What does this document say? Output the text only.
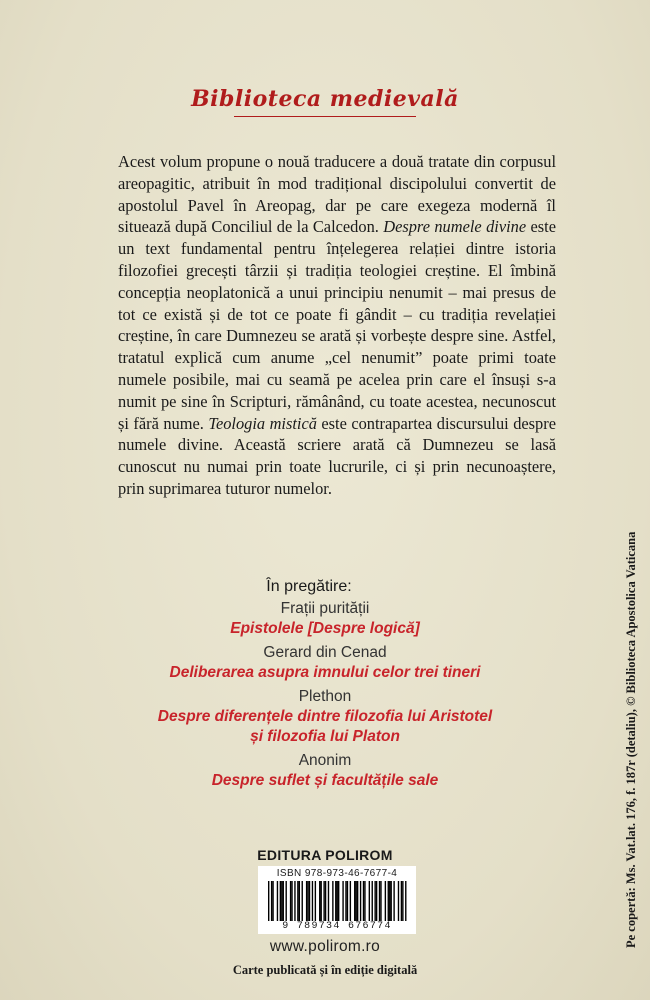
Biblioteca medievală

Acest volum propune o nouă traducere a două tratate din corpusul areopagitic, atribuit în mod tradițional discipolului convertit de apostolul Pavel în Areopag, dar pe care exegeza modernă îl situează după Conciliul de la Calcedon. Despre numele divine este un text fundamental pentru înțelegerea relației dintre istoria filozofiei grecești târzii și tradiția teologiei creștine. El îmbină concepția neoplatonică a unui principiu nenumit – mai presus de tot ce există și de tot ce poate fi gândit – cu tradiția revelației creștine, în care Dumnezeu se arată și vorbește despre sine. Astfel, tratatul explică cum anume „cel nenumit” poate primi toate numele posibile, mai cu seamă pe acelea prin care el însuși s-a numit pe sine în Scripturi, rămânând, cu toate acestea, necunoscut și fără nume. Teologia mistică este contrapartea discursului despre numele divine. Această scriere arată că Dumnezeu se lasă cunoscut nu numai prin toate lucrurile, ci și prin necunoaștere, prin suprimarea tuturor numelor.

În pregătire:
Frații purității
Epistolele [Despre logică]
Gerard din Cenad
Deliberarea asupra imnului celor trei tineri
Plethon
Despre diferențele dintre filozofia lui Aristotel
și filozofia lui Platon
Anonim
Despre suflet și facultățile sale
EDITURA POLIROM
ISBN 978-973-46-7677-4
9 789734 676774
www.polirom.ro
Carte publicată și în ediție digitală
Pe copertă: Ms. Vat.lat. 176, f. 187r (detaliu), © Biblioteca Apostolica Vaticana
